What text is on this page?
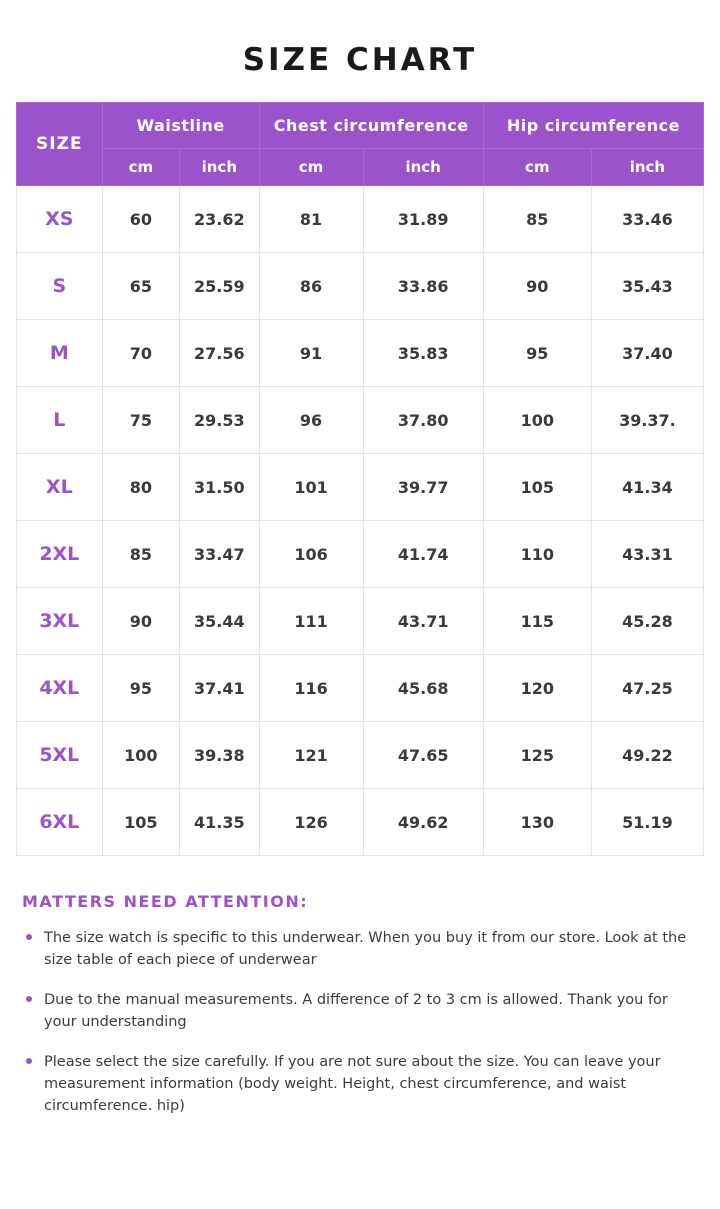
SIZE CHART
SIZE	Waistline		Chest circumference		Hip circumference	
	cm	inch	cm	inch	cm	inch
XS	60	23.62	81	31.89	85	33.46
S	65	25.59	86	33.86	90	35.43
M	70	27.56	91	35.83	95	37.40
L	75	29.53	96	37.80	100	39.37.
XL	80	31.50	101	39.77	105	41.34
2XL	85	33.47	106	41.74	110	43.31
3XL	90	35.44	111	43.71	115	45.28
4XL	95	37.41	116	45.68	120	47.25
5XL	100	39.38	121	47.65	125	49.22
6XL	105	41.35	126	49.62	130	51.19
MATTERS NEED ATTENTION:
The size watch is specific to this underwear. When you buy it from our store. Look at the size table of each piece of underwear
Due to the manual measurements. A difference of 2 to 3 cm is allowed. Thank you for your understanding
Please select the size carefully. If you are not sure about the size. You can leave your measurement information (body weight. Height, chest circumference, and waist circumference. hip)
